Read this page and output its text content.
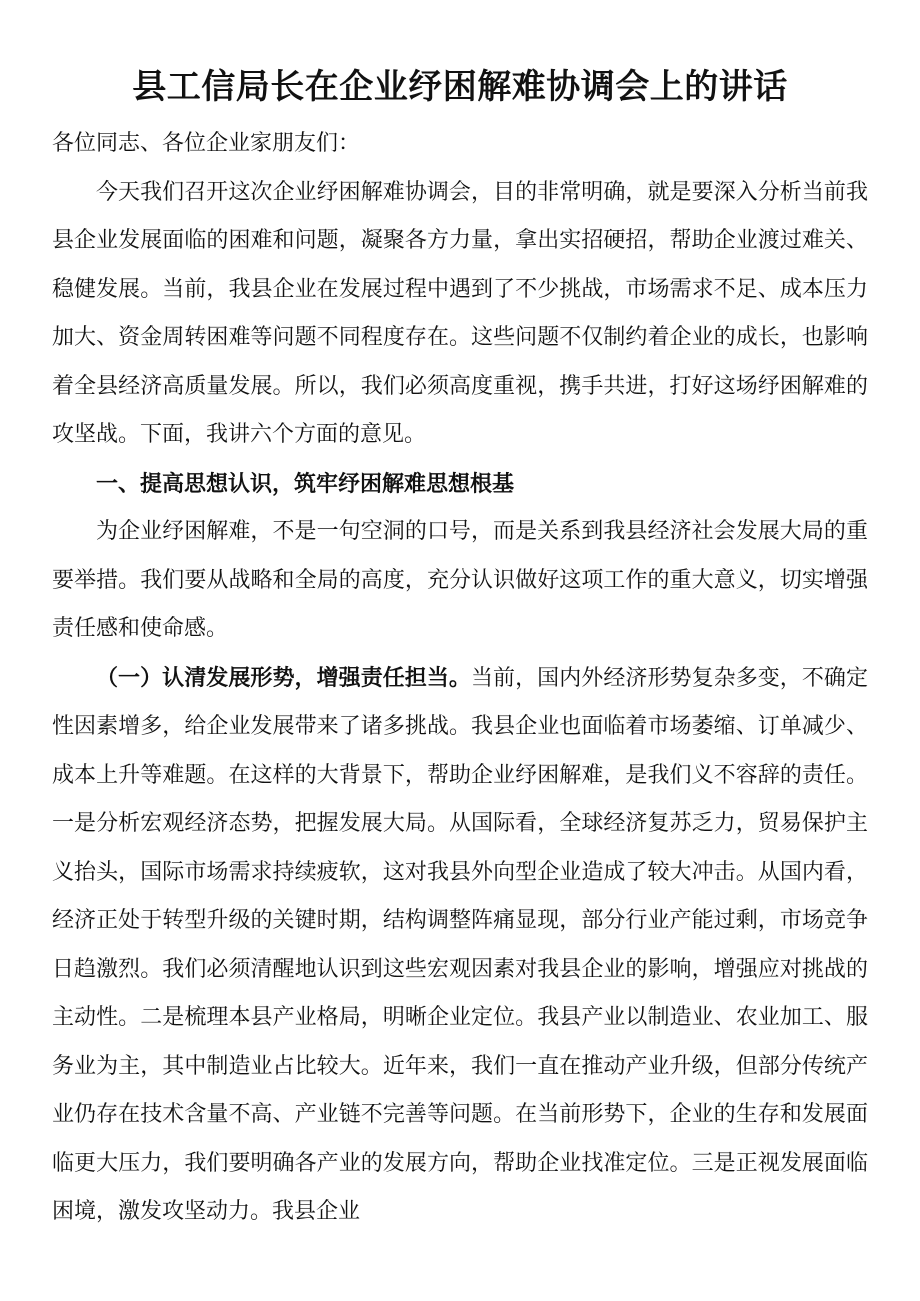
县工信局长在企业纾困解难协调会上的讲话

各位同志、各位企业家朋友们：

今天我们召开这次企业纾困解难协调会，目的非常明确，就是要深入分析当前我县企业发展面临的困难和问题，凝聚各方力量，拿出实招硬招，帮助企业渡过难关、稳健发展。当前，我县企业在发展过程中遇到了不少挑战，市场需求不足、成本压力加大、资金周转困难等问题不同程度存在。这些问题不仅制约着企业的成长，也影响着全县经济高质量发展。所以，我们必须高度重视，携手共进，打好这场纾困解难的攻坚战。下面，我讲六个方面的意见。

一、提高思想认识，筑牢纾困解难思想根基

为企业纾困解难，不是一句空洞的口号，而是关系到我县经济社会发展大局的重要举措。我们要从战略和全局的高度，充分认识做好这项工作的重大意义，切实增强责任感和使命感。

（一）认清发展形势，增强责任担当。当前，国内外经济形势复杂多变，不确定性因素增多，给企业发展带来了诸多挑战。我县企业也面临着市场萎缩、订单减少、成本上升等难题。在这样的大背景下，帮助企业纾困解难，是我们义不容辞的责任。一是分析宏观经济态势，把握发展大局。从国际看，全球经济复苏乏力，贸易保护主义抬头，国际市场需求持续疲软，这对我县外向型企业造成了较大冲击。从国内看，经济正处于转型升级的关键时期，结构调整阵痛显现，部分行业产能过剩，市场竞争日趋激烈。我们必须清醒地认识到这些宏观因素对我县企业的影响，增强应对挑战的主动性。二是梳理本县产业格局，明晰企业定位。我县产业以制造业、农业加工、服务业为主，其中制造业占比较大。近年来，我们一直在推动产业升级，但部分传统产业仍存在技术含量不高、产业链不完善等问题。在当前形势下，企业的生存和发展面临更大压力，我们要明确各产业的发展方向，帮助企业找准定位。三是正视发展面临困境，激发攻坚动力。我县企业
